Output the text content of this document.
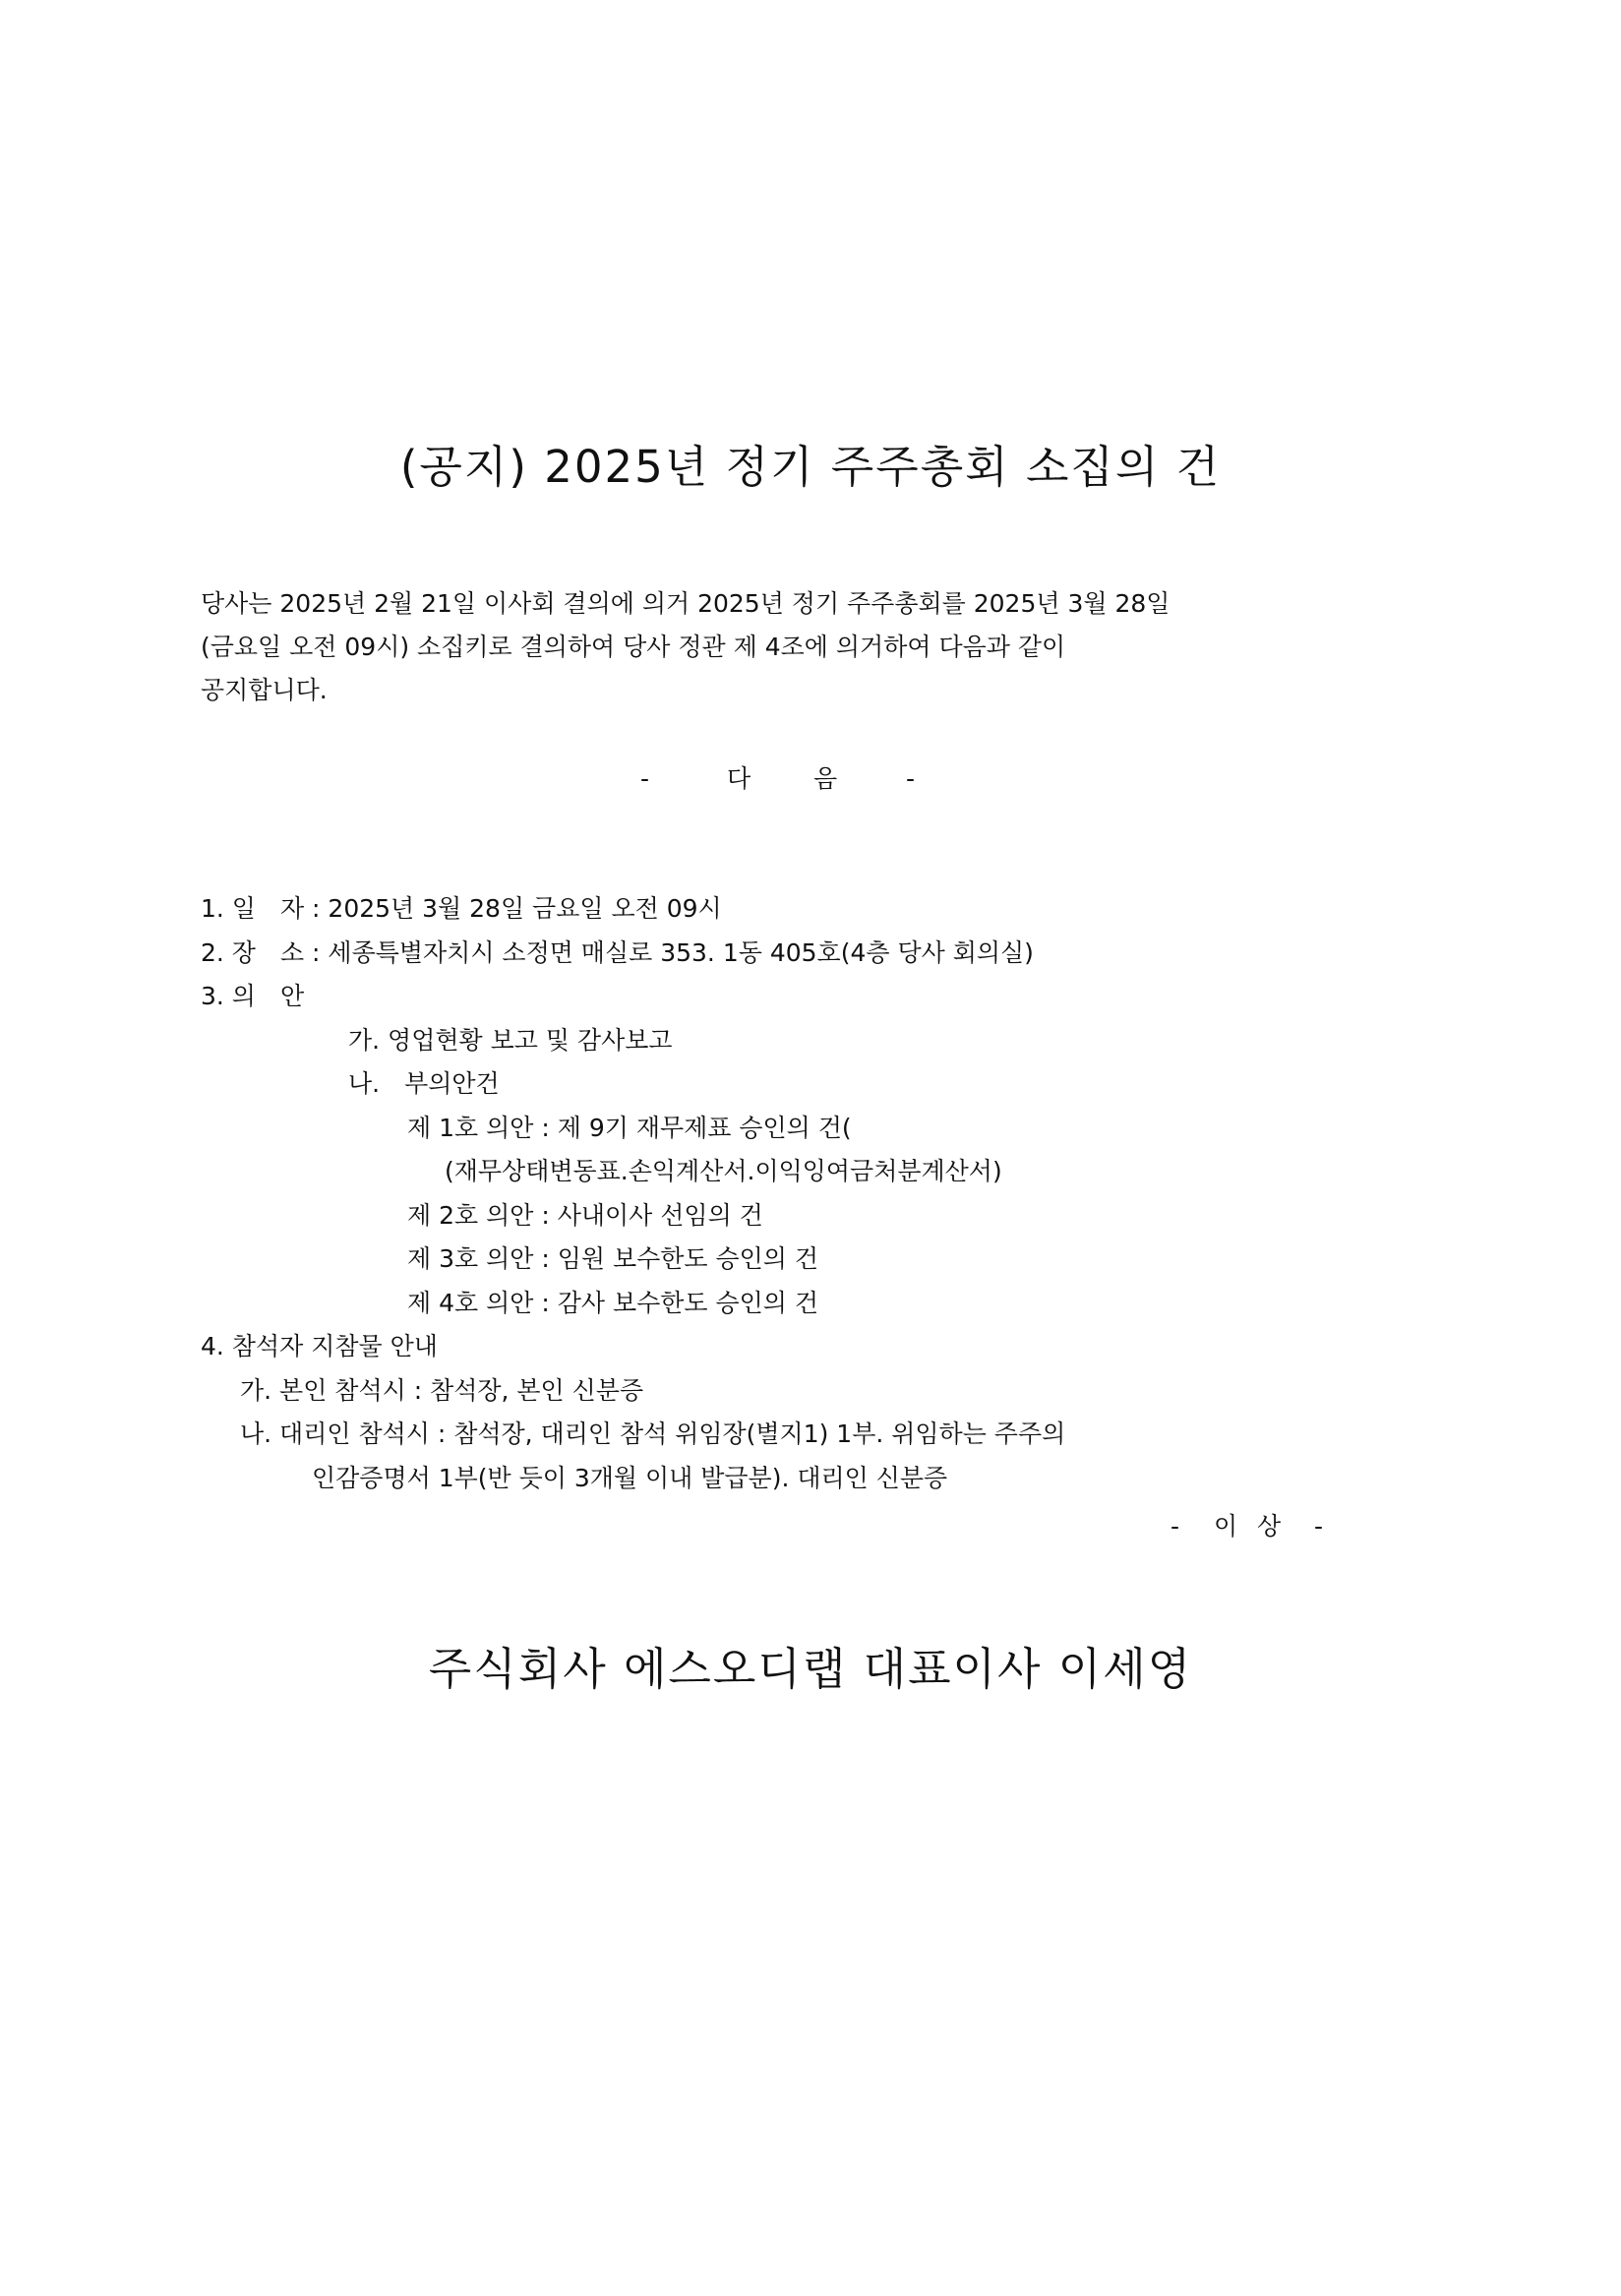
(공지) 2025년 정기 주주총회 소집의 건
당사는 2025년 2월 21일 이사회 결의에 의거 2025년 정기 주주총회를 2025년 3월 28일
(금요일 오전 09시) 소집키로 결의하여 당사 정관 제 4조에 의거하여 다음과 같이
공지합니다.
-	다	음	-
1. 일　자 : 2025년 3월 28일 금요일 오전 09시
2. 장　소 : 세종특별자치시 소정면 매실로 353. 1동 405호(4층 당사 회의실)
3. 의　안
가. 영업현황 보고 및 감사보고
나.　부의안건
제 1호 의안 : 제 9기 재무제표 승인의 건(
(재무상태변동표.손익계산서.이익잉여금처분계산서)
제 2호 의안 : 사내이사 선임의 건
제 3호 의안 : 임원 보수한도 승인의 건
제 4호 의안 : 감사 보수한도 승인의 건
4. 참석자 지참물 안내
가. 본인 참석시 : 참석장, 본인 신분증
나. 대리인 참석시 : 참석장, 대리인 참석 위임장(별지1) 1부. 위임하는 주주의
인감증명서 1부(반 듯이 3개월 이내 발급분). 대리인 신분증
- 이 상 -
주식회사 에스오디랩 대표이사 이세영
